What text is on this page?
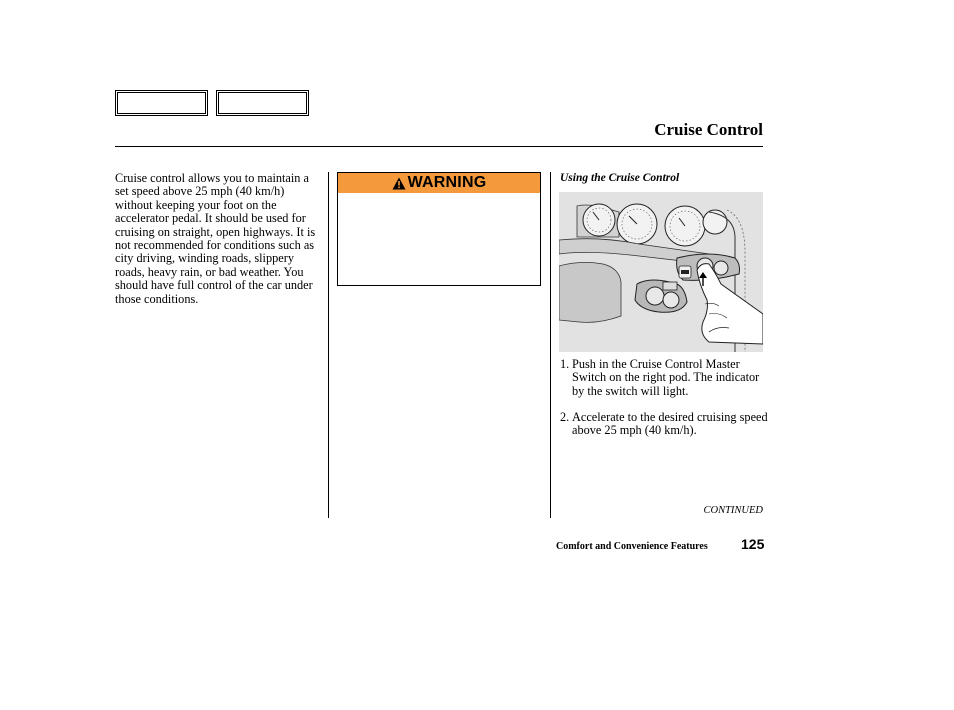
Cruise Control
Cruise control allows you to maintain a set speed above 25 mph (40 km/h) without keeping your foot on the accelerator pedal. It should be used for cruising on straight, open highways. It is not recommended for conditions such as city driving, winding roads, slippery roads, heavy rain, or bad weather. You should have full control of the car under those conditions.
WARNING	Using the Cruise Control
1. Push in the Cruise Control Master Switch on the right pod. The indicator by the switch will light.
2. Accelerate to the desired cruising speed above 25 mph (40 km/h).
CONTINUED
Comfort and Convenience Features 125
